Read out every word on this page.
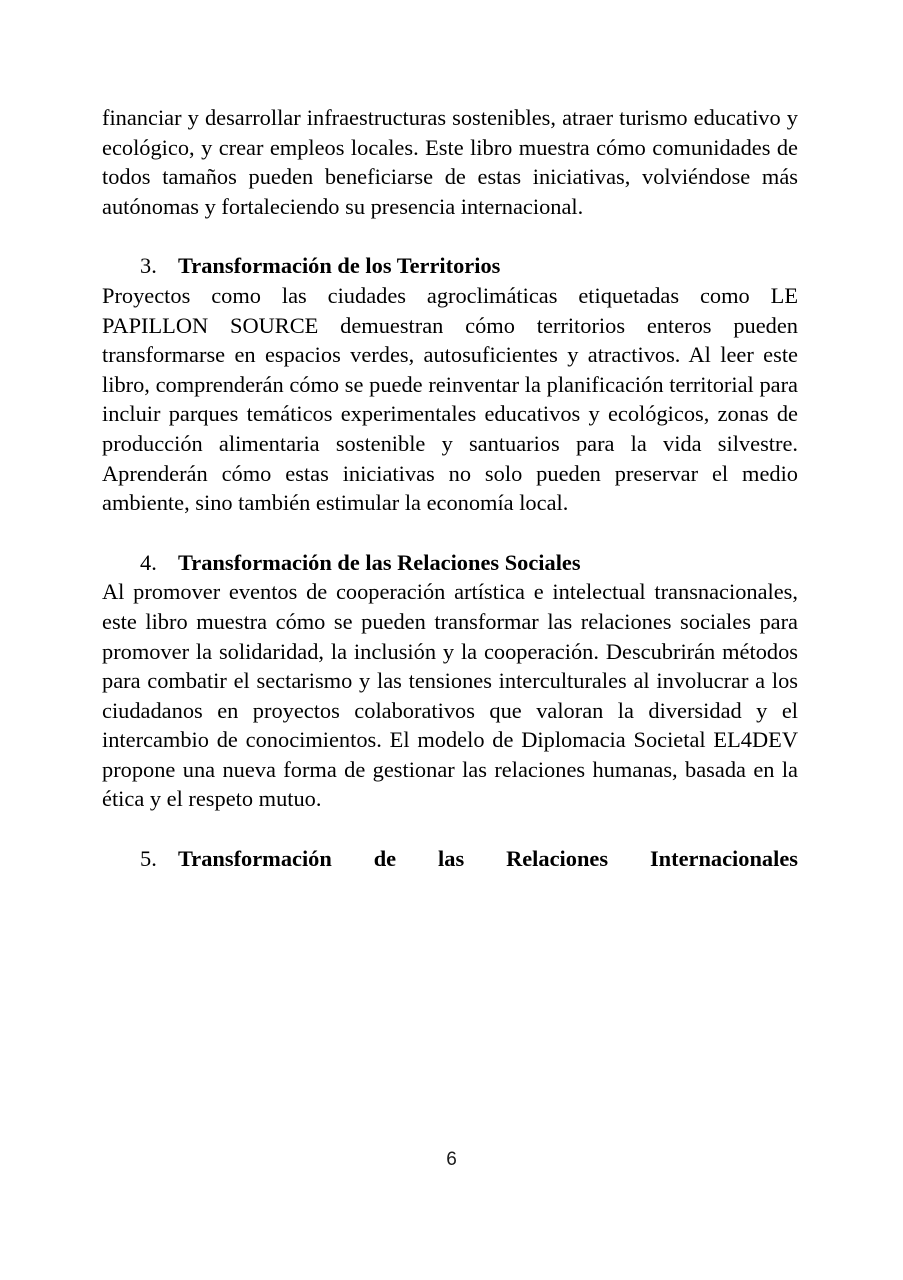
financiar y desarrollar infraestructuras sostenibles, atraer turismo educativo y ecológico, y crear empleos locales. Este libro muestra cómo comunidades de todos tamaños pueden beneficiarse de estas iniciativas, volviéndose más autónomas y fortaleciendo su presencia internacional.

3. Transformación de los Territorios

Proyectos como las ciudades agroclimáticas etiquetadas como LE PAPILLON SOURCE demuestran cómo territorios enteros pueden transformarse en espacios verdes, autosuficientes y atractivos. Al leer este libro, comprenderán cómo se puede reinventar la planificación territorial para incluir parques temáticos experimentales educativos y ecológicos, zonas de producción alimentaria sostenible y santuarios para la vida silvestre. Aprenderán cómo estas iniciativas no solo pueden preservar el medio ambiente, sino también estimular la economía local.

4. Transformación de las Relaciones Sociales

Al promover eventos de cooperación artística e intelectual transnacionales, este libro muestra cómo se pueden transformar las relaciones sociales para promover la solidaridad, la inclusión y la cooperación. Descubrirán métodos para combatir el sectarismo y las tensiones interculturales al involucrar a los ciudadanos en proyectos colaborativos que valoran la diversidad y el intercambio de conocimientos. El modelo de Diplomacia Societal EL4DEV propone una nueva forma de gestionar las relaciones humanas, basada en la ética y el respeto mutuo.

5. Transformación de las Relaciones Internacionales
6
